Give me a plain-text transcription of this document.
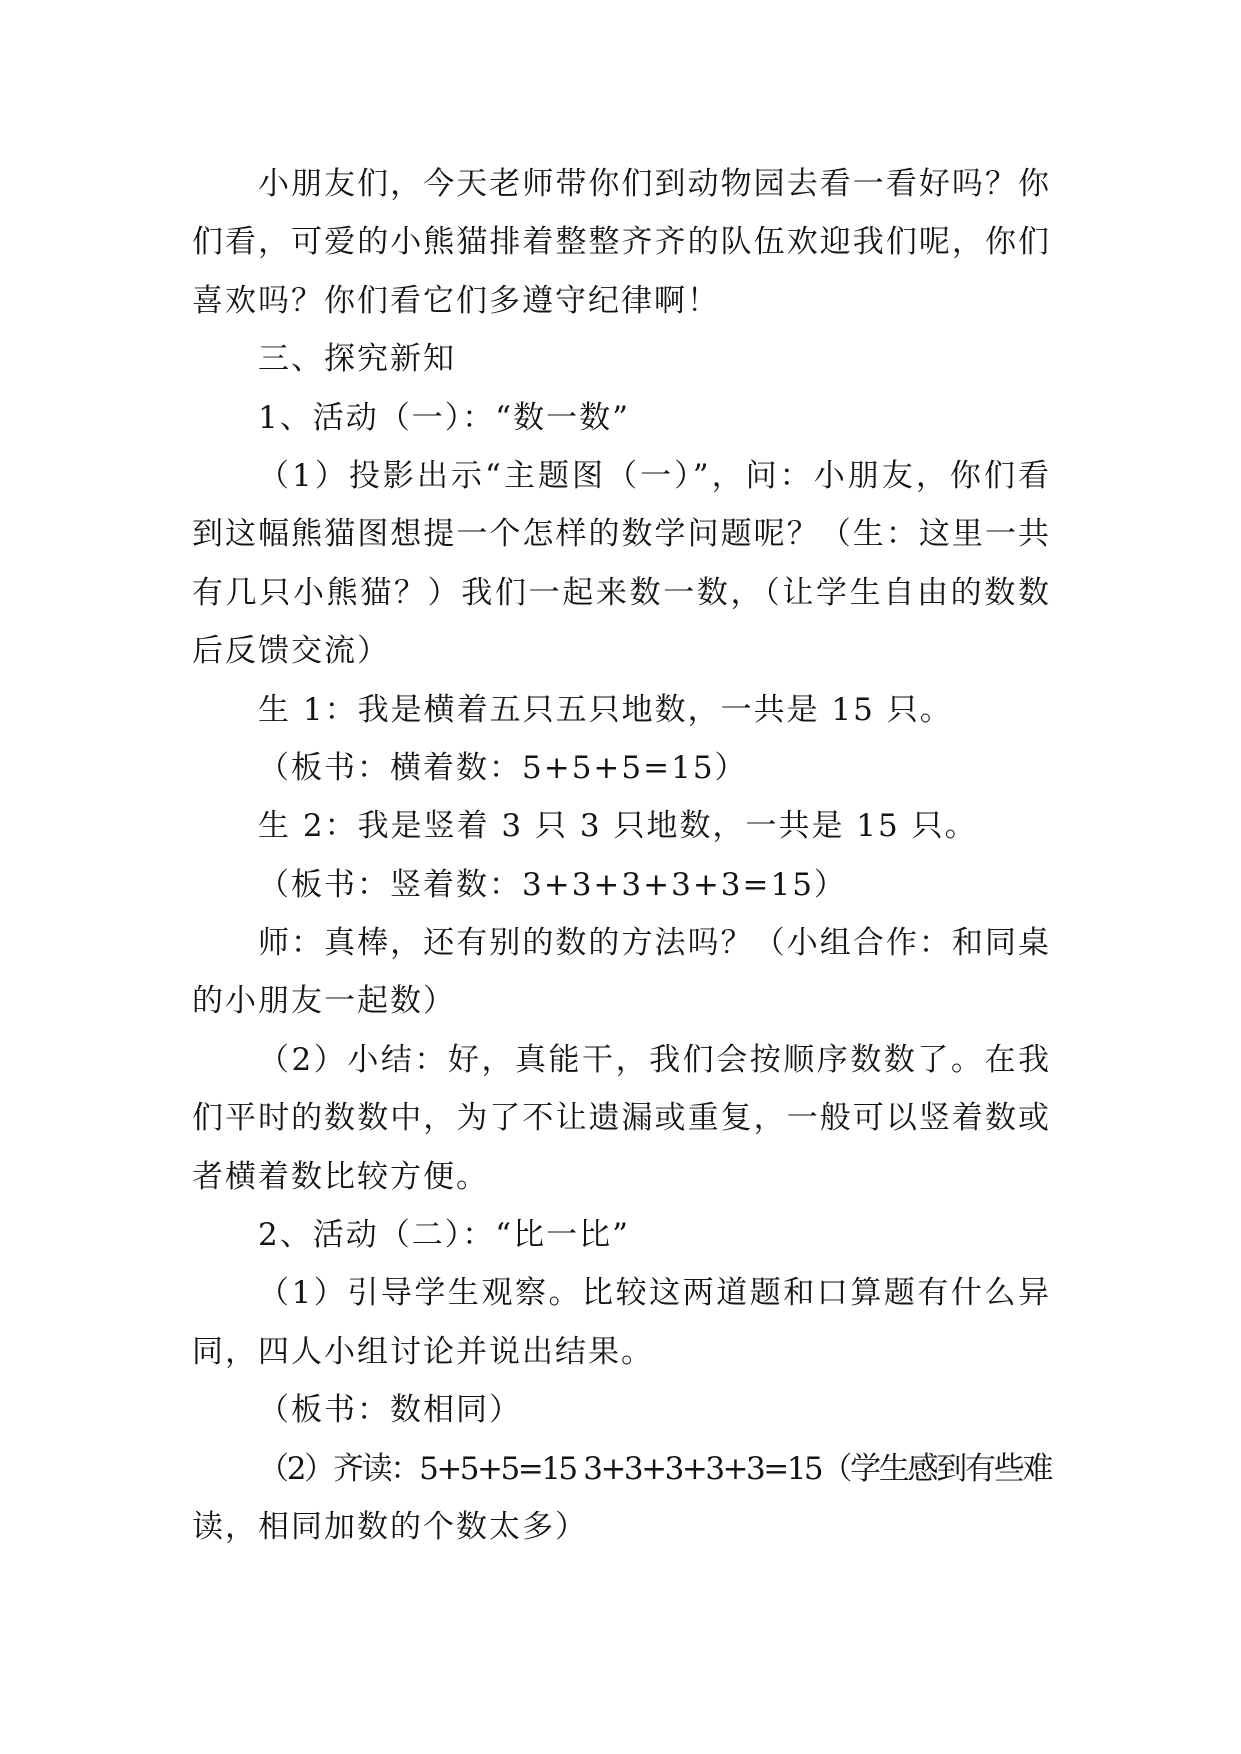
小朋友们，今天老师带你们到动物园去看一看好吗？你
们看，可爱的小熊猫排着整整齐齐的队伍欢迎我们呢，你们
喜欢吗？你们看它们多遵守纪律啊！
三、探究新知
1、活动（一）：“数一数”
（1）投影出示“主题图（一）”，问：小朋友，你们看
到这幅熊猫图想提一个怎样的数学问题呢？（生：这里一共
有几只小熊猫？）我们一起来数一数，（让学生自由的数数
后反馈交流）
生 1：我是横着五只五只地数，一共是 15 只。
（板书：横着数：5+5+5=15）
生 2：我是竖着 3 只 3 只地数，一共是 15 只。
（板书：竖着数：3+3+3+3+3=15）
师：真棒，还有别的数的方法吗？（小组合作：和同桌
的小朋友一起数）
（2）小结：好，真能干，我们会按顺序数数了。在我
们平时的数数中，为了不让遗漏或重复，一般可以竖着数或
者横着数比较方便。
2、活动（二）：“比一比”
（1）引导学生观察。比较这两道题和口算题有什么异
同，四人小组讨论并说出结果。
（板书：数相同）
（2）齐读：5+5+5=15 3+3+3+3+3=15（学生感到有些难
读，相同加数的个数太多）
